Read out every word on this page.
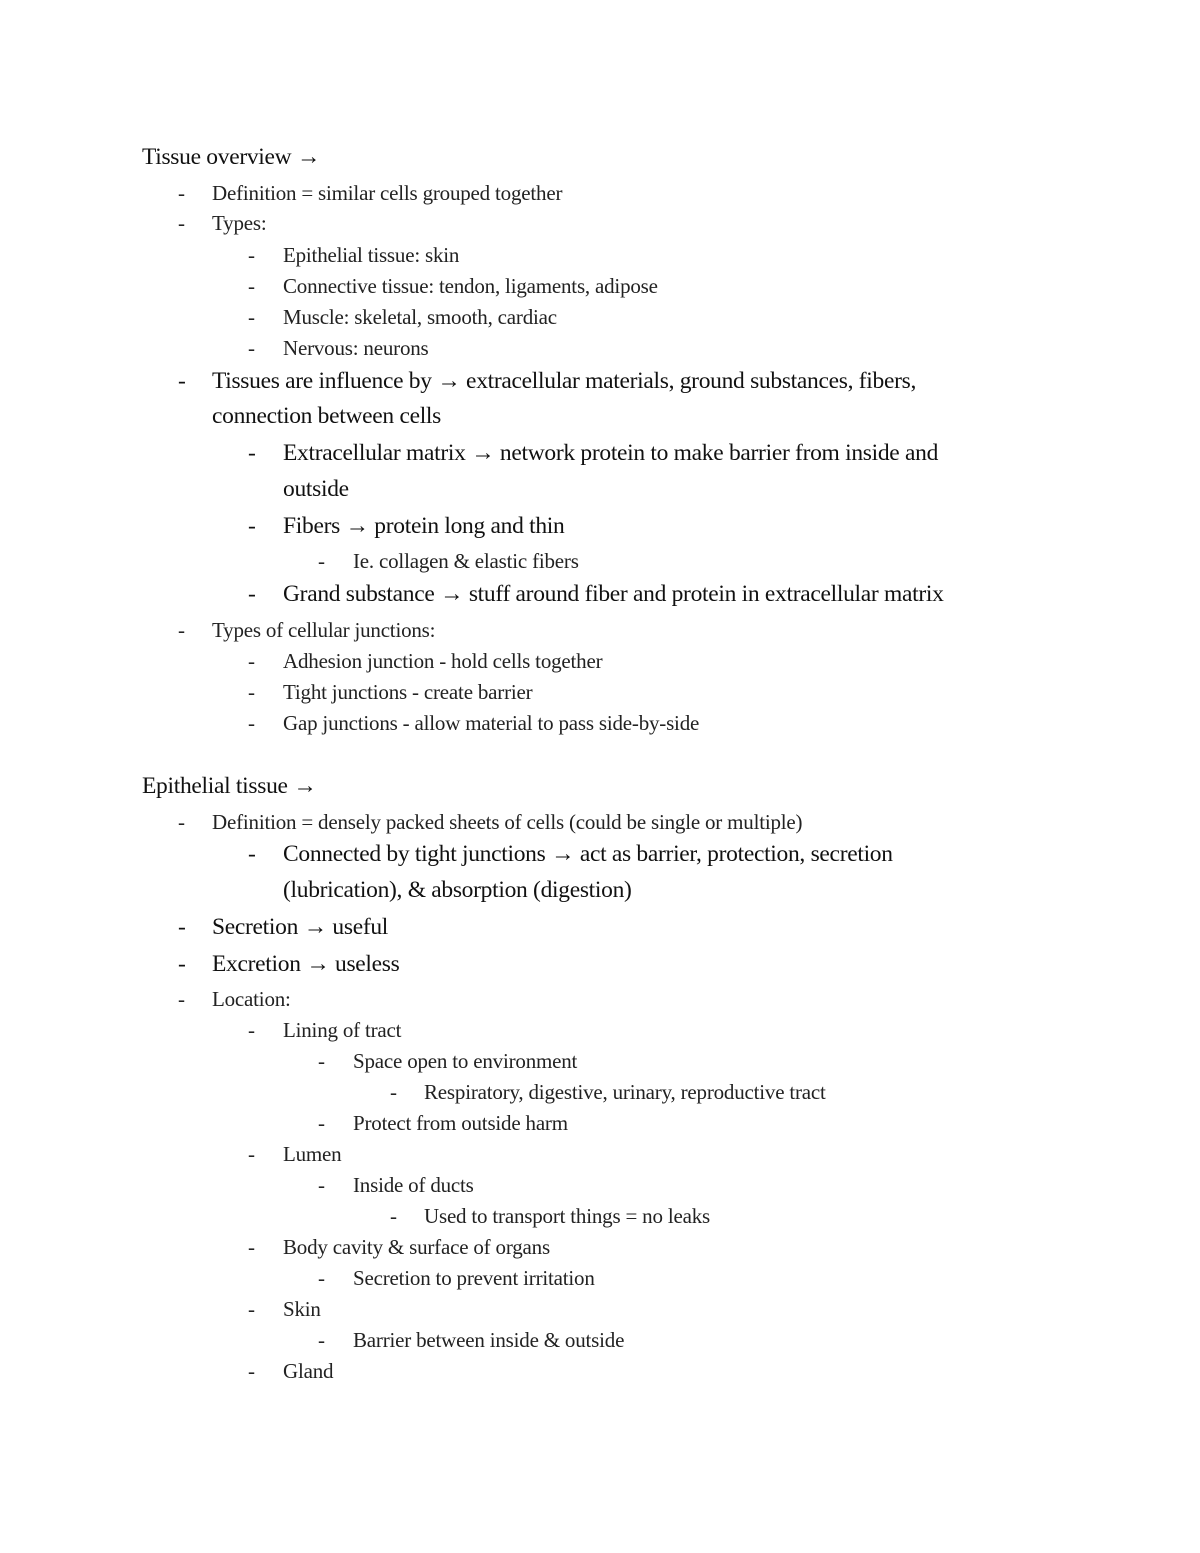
Tissue overview →
- Definition = similar cells grouped together
- Types:
- Epithelial tissue: skin
- Connective tissue: tendon, ligaments, adipose
- Muscle: skeletal, smooth, cardiac
- Nervous: neurons
- Tissues are influence by → extracellular materials, ground substances, fibers,
connection between cells
- Extracellular matrix → network protein to make barrier from inside and
outside
- Fibers → protein long and thin
- Ie. collagen & elastic fibers
- Grand substance → stuff around fiber and protein in extracellular matrix
- Types of cellular junctions:
- Adhesion junction - hold cells together
- Tight junctions - create barrier
- Gap junctions - allow material to pass side-by-side
Epithelial tissue →
- Definition = densely packed sheets of cells (could be single or multiple)
- Connected by tight junctions → act as barrier, protection, secretion
(lubrication), & absorption (digestion)
- Secretion → useful
- Excretion → useless
- Location:
- Lining of tract
- Space open to environment
- Respiratory, digestive, urinary, reproductive tract
- Protect from outside harm
- Lumen
- Inside of ducts
- Used to transport things = no leaks
- Body cavity & surface of organs
- Secretion to prevent irritation
- Skin
- Barrier between inside & outside
- Gland
